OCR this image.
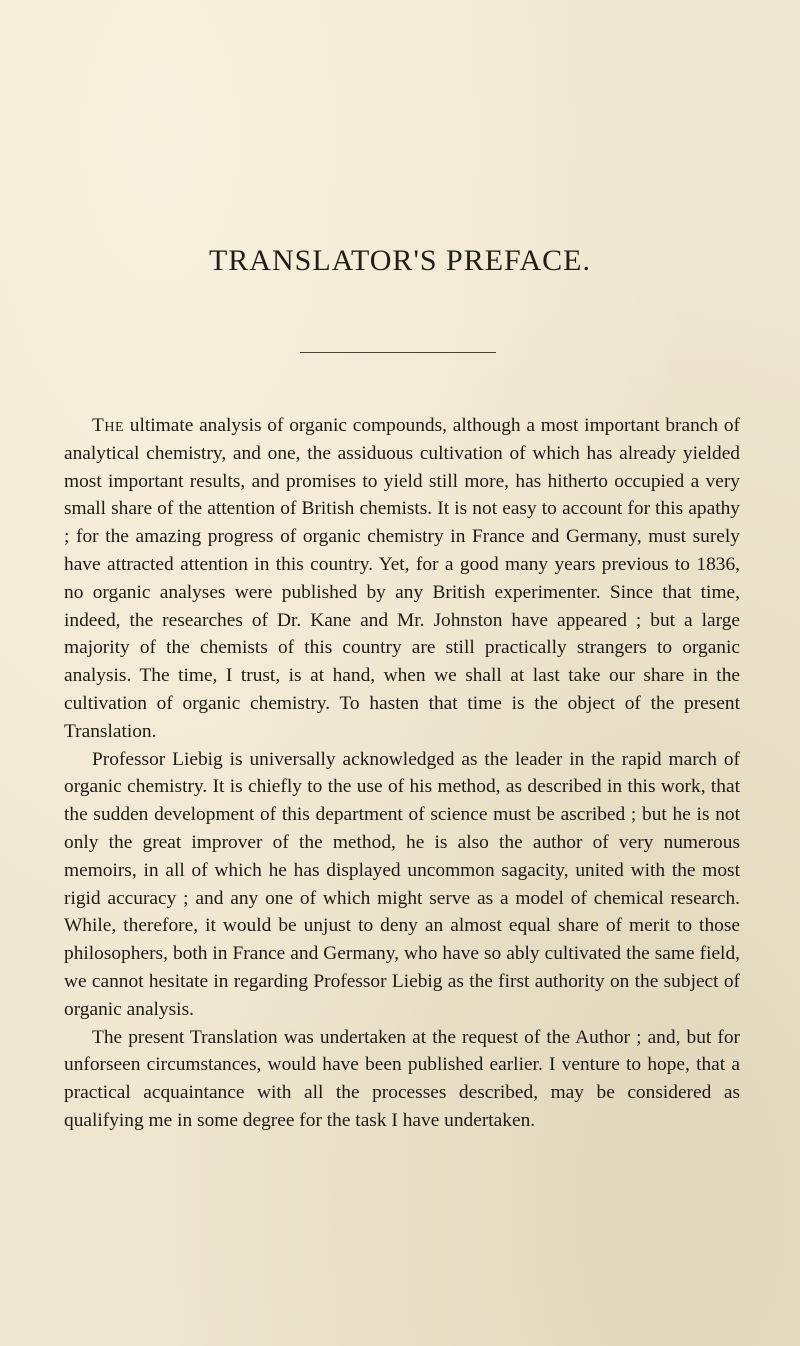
TRANSLATOR'S PREFACE.

The ultimate analysis of organic compounds, although a most important branch of analytical chemistry, and one, the assiduous cultivation of which has already yielded most important results, and promises to yield still more, has hitherto occupied a very small share of the attention of British chemists. It is not easy to account for this apathy ; for the amazing progress of organic chemistry in France and Germany, must surely have attracted attention in this country. Yet, for a good many years previous to 1836, no organic analyses were published by any British experimenter. Since that time, indeed, the researches of Dr. Kane and Mr. Johnston have appeared ; but a large majority of the chemists of this country are still practically strangers to organic analysis. The time, I trust, is at hand, when we shall at last take our share in the cultivation of organic chemistry. To hasten that time is the object of the present Translation.

Professor Liebig is universally acknowledged as the leader in the rapid march of organic chemistry. It is chiefly to the use of his method, as described in this work, that the sudden development of this department of science must be ascribed ; but he is not only the great improver of the method, he is also the author of very numerous memoirs, in all of which he has displayed uncommon sagacity, united with the most rigid accuracy ; and any one of which might serve as a model of chemical research. While, therefore, it would be unjust to deny an almost equal share of merit to those philosophers, both in France and Germany, who have so ably cultivated the same field, we cannot hesitate in regarding Professor Liebig as the first authority on the subject of organic analysis.

The present Translation was undertaken at the request of the Author ; and, but for unforseen circumstances, would have been published earlier. I venture to hope, that a practical acquaintance with all the processes described, may be considered as qualifying me in some degree for the task I have undertaken.
